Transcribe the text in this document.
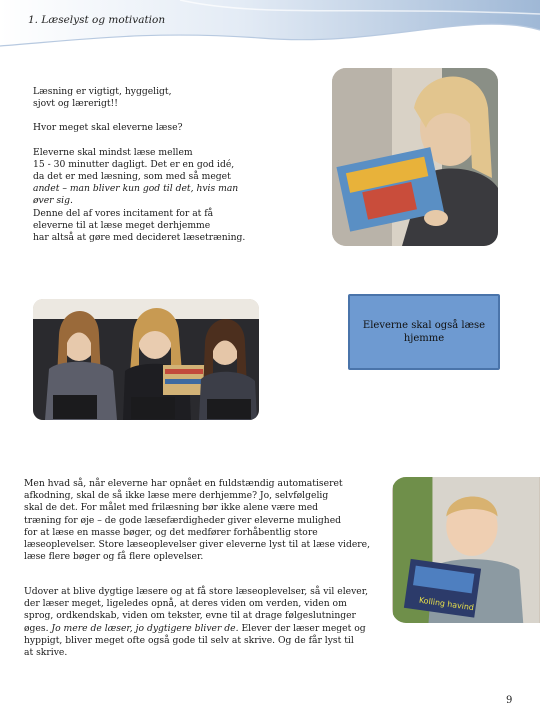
1. Læselyst og motivation

Læsning er vigtigt, hyggeligt,

sjovt og lærerigt!!

Hvor meget skal eleverne læse?

Eleverne skal mindst læse mellem

15 - 30 minutter dagligt. Det er en god idé,

da det er med læsning, som med så meget

andet – man bliver kun god til det, hvis man

øver sig.

Denne del af vores incitament for at få

eleverne til at læse meget derhjemme

har altså at gøre med decideret læsetræning.

Eleverne skal også læse hjemme

Men hvad så, når eleverne har opnået en fuldstændig automatiseret

afkodning, skal de så ikke læse mere derhjemme? Jo, selvfølgelig

skal de det. For målet med frilæsning bør ikke alene være med

træning for øje – de gode læsefærdigheder giver eleverne mulighed

for at læse en masse bøger, og det medfører forhåbentlig store

læseoplevelser. Store læseoplevelser giver eleverne lyst til at læse videre,

læse flere bøger og få flere oplevelser.

Kolling havind

Udover at blive dygtige læsere og at få store læseoplevelser, så vil elever,

der læser meget, ligeledes opnå, at deres viden om verden, viden om

sprog, ordkendskab, viden om tekster, evne til at drage følgeslutninger

øges. Jo mere de læser, jo dygtigere bliver de. Elever der læser meget og

hyppigt, bliver meget ofte også gode til selv at skrive. Og de får lyst til

at skrive.

9
